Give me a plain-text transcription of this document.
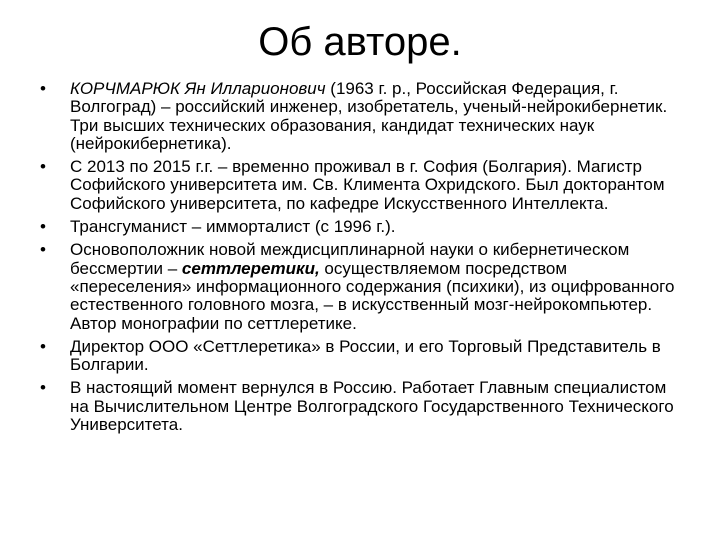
Об авторе.
•	КОРЧМАРЮК Ян Илларионович (1963 г. р., Российская Федерация, г. Волгоград) – российский инженер, изобретатель, ученый-нейрокибернетик. Три высших технических образования, кандидат технических наук (нейрокибернетика).
•	С 2013 по 2015 г.г. – временно проживал в г. София (Болгария). Магистр Софийского университета им. Св. Климента Охридского. Был докторантом Софийского университета, по кафедре Искусственного Интеллекта.
•	Трансгуманист – имморталист (с 1996 г.).
•	Основоположник новой междисциплинарной науки о кибернетическом бессмертии – сеттлеретики, осуществляемом посредством «переселения» информационного содержания (психики), из оцифрованного естественного головного мозга, – в искусственный мозг-нейрокомпьютер. Автор монографии по сеттлеретике.
•	Директор ООО «Сеттлеретика» в России, и его Торговый Представитель в Болгарии.
•	В настоящий момент вернулся в Россию. Работает Главным специалистом на Вычислительном Центре Волгоградского Государственного Технического Университета.
